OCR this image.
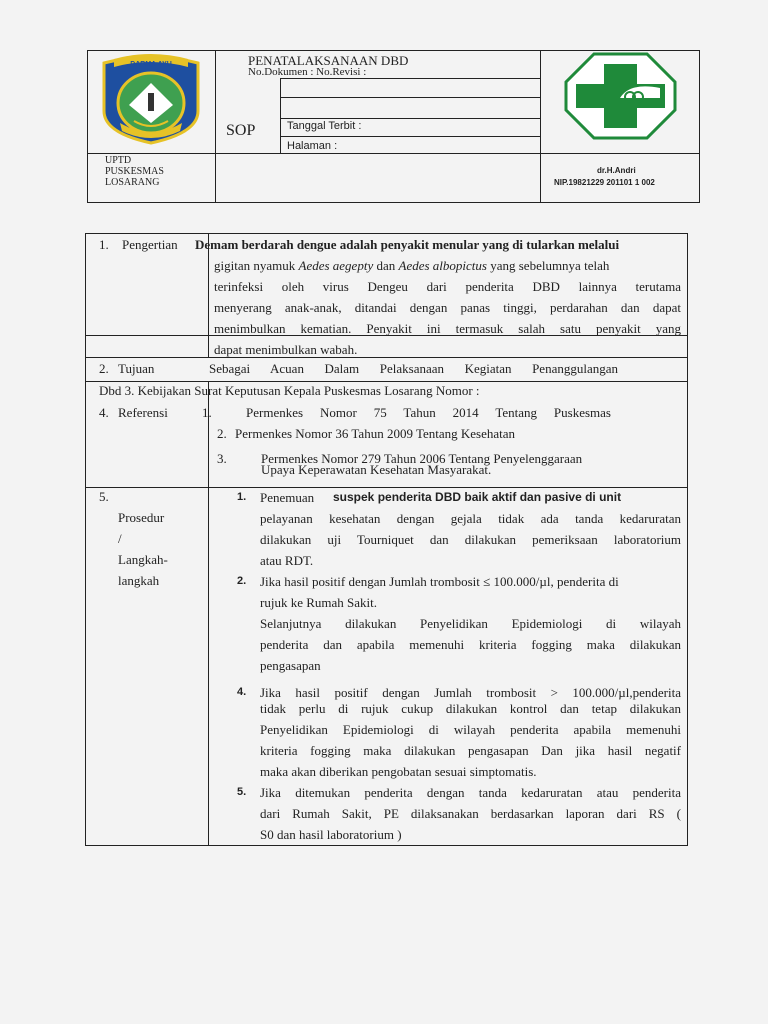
DARMA AYU	PENATALAKSANAAN DBD
No.Dokumen : No.Revisi :
SOP	Tanggal Terbit :
Halaman :
UPTD
PUSKESMAS
LOSARANG
dr.H.Andri
NIP.19821229 201101 1 002
1. Pengertian Demam berdarah dengue adalah penyakit menular yang di tularkan melalui
gigitan nyamuk Aedes aegepty dan Aedes albopictus yang sebelumnya telah
terinfeksi oleh virus Dengeu dari penderita DBD lainnya terutama
menyerang anak-anak, ditandai dengan panas tinggi, perdarahan dan dapat
menimbulkan kematian. Penyakit ini termasuk salah satu penyakit yang
dapat menimbulkan wabah.
2. Tujuan	Sebagai Acuan Dalam Pelaksanaan Kegiatan Penanggulangan
Dbd 3. Kebijakan Surat Keputusan Kepala Puskesmas Losarang Nomor :
4. Referensi	1.	Permenkes Nomor 75 Tahun 2014 Tentang Puskesmas
2. Permenkes Nomor 36 Tahun 2009 Tentang Kesehatan
3.	Permenkes Nomor 279 Tahun 2006 Tentang Penyelenggaraan
Upaya Keperawatan Kesehatan Masyarakat.
5.
Prosedur
/
Langkah-
langkah
1. Penemuan suspek penderita DBD baik aktif dan pasive di unit
pelayanan kesehatan dengan gejala tidak ada tanda kedaruratan
dilakukan uji Tourniquet dan dilakukan pemeriksaan laboratorium
atau RDT.
2. Jika hasil positif dengan Jumlah trombosit ≤ 100.000/µl, penderita di
rujuk ke Rumah Sakit.
Selanjutnya dilakukan Penyelidikan Epidemiologi di wilayah
penderita dan apabila memenuhi kriteria fogging maka dilakukan
pengasapan
4. Jika hasil positif dengan Jumlah trombosit > 100.000/µl,penderita
tidak perlu di rujuk cukup dilakukan kontrol dan tetap dilakukan
Penyelidikan Epidemiologi di wilayah penderita apabila memenuhi
kriteria fogging maka dilakukan pengasapan Dan jika hasil negatif
maka akan diberikan pengobatan sesuai simptomatis.
5. Jika ditemukan penderita dengan tanda kedaruratan atau penderita
dari Rumah Sakit, PE dilaksanakan berdasarkan laporan dari RS (
S0 dan hasil laboratorium )
